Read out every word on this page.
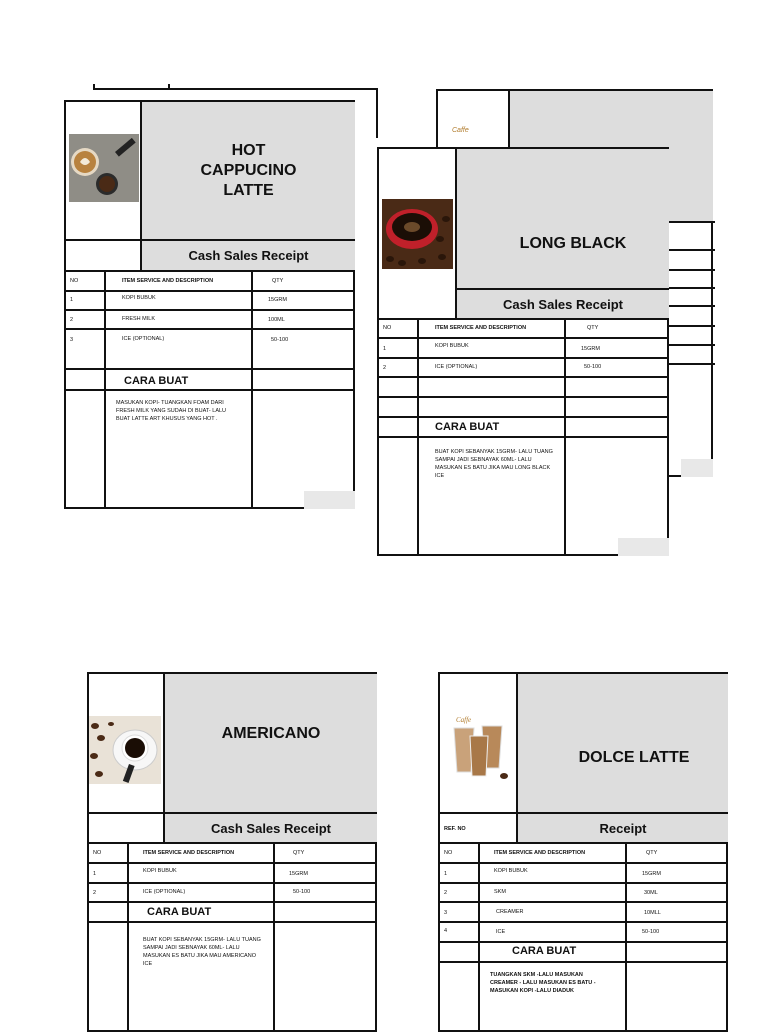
Caffe
HOT
CAPPUCINO
LATTE
Cash Sales Receipt
NO	ITEM SERVICE AND DESCRIPTION	QTY
1	KOPI BUBUK	15GRM
2	FRESH MILK	100ML
3	ICE (OPTIONAL)	50-100
CARA BUAT
MASUKAN KOPI- TUANGKAN FOAM DARI FRESH MILK YANG SUDAH DI BUAT- LALU BUAT LATTE ART KHUSUS YANG HOT .
LONG BLACK
Cash Sales Receipt
NO	ITEM SERVICE AND DESCRIPTION	QTY
1	KOPI BUBUK	15GRM
2	ICE (OPTIONAL)	50-100
CARA BUAT
BUAT KOPI SEBANYAK 15GRM- LALU TUANG SAMPAI JADI SEBNAYAK 60ML- LALU MASUKAN ES BATU JIKA MAU LONG BLACK ICE
AMERICANO
Cash Sales Receipt
NO	ITEM SERVICE AND DESCRIPTION	QTY
1	KOPI BUBUK	15GRM
2	ICE (OPTIONAL)	50-100
CARA BUAT
BUAT KOPI SEBANYAK 15GRM- LALU TUANG SAMPAI JADI SEBNAYAK 60ML- LALU MASUKAN ES BATU JIKA MAU AMERICANO ICE
Caffe
DOLCE LATTE
REF. NO	Receipt
NO	ITEM SERVICE AND DESCRIPTION	QTY
1	KOPI BUBUK	15GRM
2	SKM	30ML
3	CREAMER	10MLL
4	ICE	50-100
CARA BUAT
TUANGKAN SKM -LALU MASUKAN CREAMER - LALU MASUKAN ES BATU - MASUKAN KOPI -LALU DIADUK
